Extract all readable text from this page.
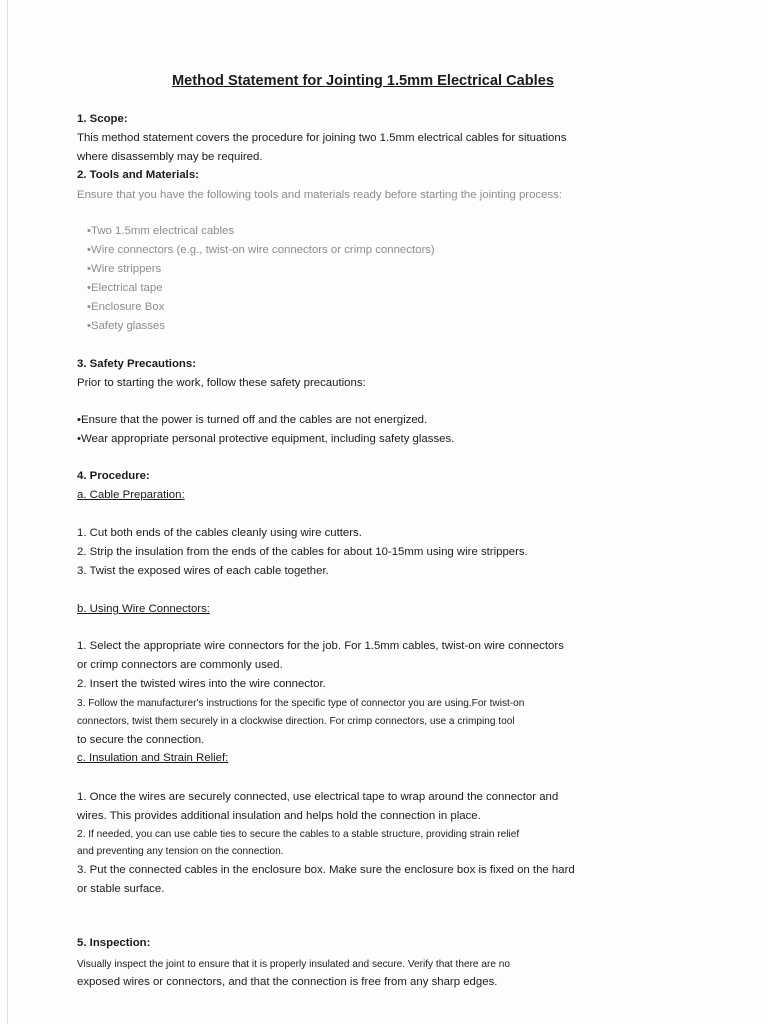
Method Statement for Jointing 1.5mm Electrical Cables
1. Scope:
This method statement covers the procedure for joining two 1.5mm electrical cables for situations
where disassembly may be required.
2. Tools and Materials:
Ensure that you have the following tools and materials ready before starting the jointing process:
•Two 1.5mm electrical cables
•Wire connectors (e.g., twist-on wire connectors or crimp connectors)
•Wire strippers
•Electrical tape
•Enclosure Box
•Safety glasses
3. Safety Precautions:
Prior to starting the work, follow these safety precautions:
•Ensure that the power is turned off and the cables are not energized.
•Wear appropriate personal protective equipment, including safety glasses.
4. Procedure:
a. Cable Preparation:
1. Cut both ends of the cables cleanly using wire cutters.
2. Strip the insulation from the ends of the cables for about 10-15mm using wire strippers.
3. Twist the exposed wires of each cable together.
b. Using Wire Connectors:
1. Select the appropriate wire connectors for the job. For 1.5mm cables, twist-on wire connectors
or crimp connectors are commonly used.
2. Insert the twisted wires into the wire connector.
3. Follow the manufacturer's instructions for the specific type of connector you are using.For twist-on
connectors, twist them securely in a clockwise direction. For crimp connectors, use a crimping tool
to secure the connection.
c. Insulation and Strain Relief:
1. Once the wires are securely connected, use electrical tape to wrap around the connector and
wires. This provides additional insulation and helps hold the connection in place.
2. If needed, you can use cable ties to secure the cables to a stable structure, providing strain relief
and preventing any tension on the connection.
3. Put the connected cables in the enclosure box. Make sure the enclosure box is fixed on the hard
or stable surface.
5. Inspection:
Visually inspect the joint to ensure that it is properly insulated and secure. Verify that there are no
exposed wires or connectors, and that the connection is free from any sharp edges.
